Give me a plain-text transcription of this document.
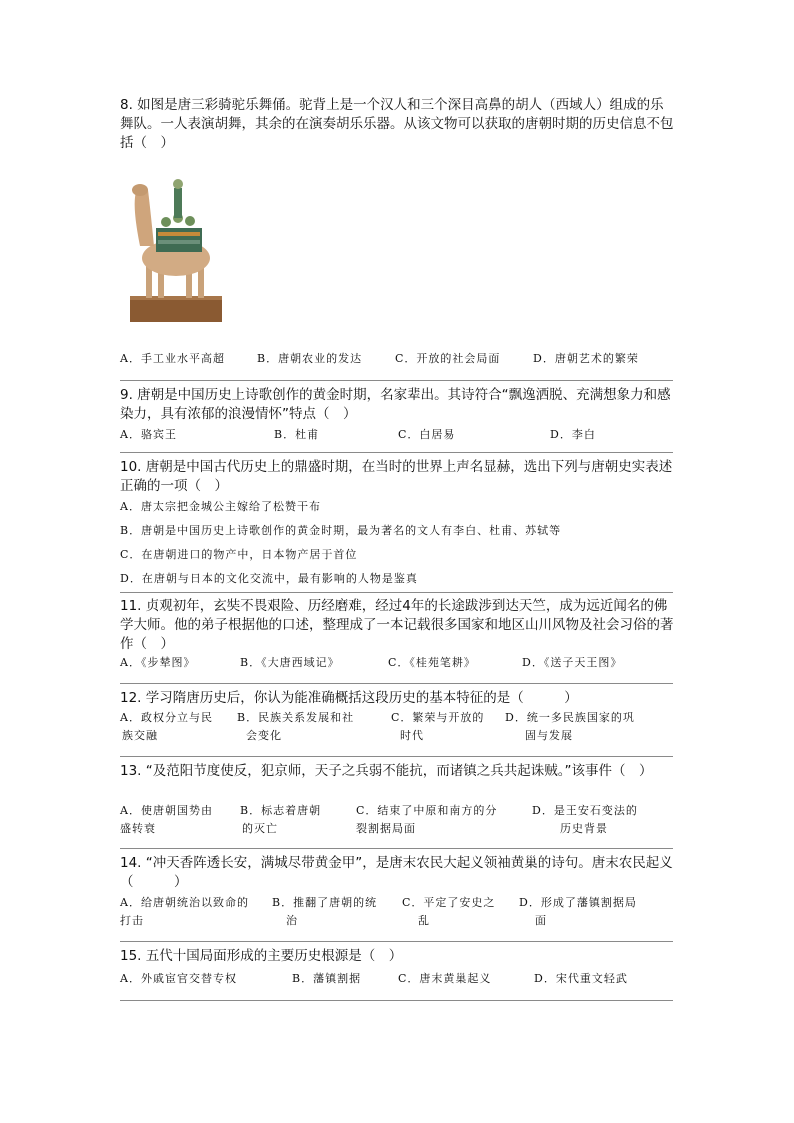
8. 如图是唐三彩骑驼乐舞俑。驼背上是一个汉人和三个深目高鼻的胡人（西域人）组成的乐舞队。一人表演胡舞，其余的在演奏胡乐乐器。从该文物可以获取的唐朝时期的历史信息不包括（　）

A．手工业水平高超	B．唐朝农业的发达	C．开放的社会局面	D．唐朝艺术的繁荣

9. 唐朝是中国历史上诗歌创作的黄金时期，名家辈出。其诗符合“飘逸洒脱、充满想象力和感染力，具有浓郁的浪漫情怀”特点（　）

A．骆宾王	B．杜甫	C．白居易	D．李白

10. 唐朝是中国古代历史上的鼎盛时期，在当时的世界上声名显赫，选出下列与唐朝史实表述正确的一项（　）

A．唐太宗把金城公主嫁给了松赞干布
B．唐朝是中国历史上诗歌创作的黄金时期，最为著名的文人有李白、杜甫、苏轼等
C．在唐朝进口的物产中，日本物产居于首位
D．在唐朝与日本的文化交流中，最有影响的人物是鉴真

11. 贞观初年，玄奘不畏艰险、历经磨难，经过4年的长途跋涉到达天竺，成为远近闻名的佛学大师。他的弟子根据他的口述，整理成了一本记载很多国家和地区山川风物及社会习俗的著作（　）

A．《步辇图》	B．《大唐西域记》	C．《桂苑笔耕》	D．《送子天王图》

12. 学习隋唐历史后，你认为能准确概括这段历史的基本特征的是（　　　）

A．政权分立与民
族交融
B．民族关系发展和社
会变化
C．繁荣与开放的
时代
D．统一多民族国家的巩
固与发展

13. “及范阳节度使反，犯京师，天子之兵弱不能抗，而诸镇之兵共起诛贼。”该事件（　）

A．使唐朝国势由
盛转衰
B．标志着唐朝
的灭亡
C．结束了中原和南方的分
裂割据局面
D．是王安石变法的
历史背景

14. “冲天香阵透长安，满城尽带黄金甲”，是唐末农民大起义领袖黄巢的诗句。唐末农民起义（　　　）

A．给唐朝统治以致命的
打击
B．推翻了唐朝的统
治
C．平定了安史之
乱
D．形成了藩镇割据局
面

15. 五代十国局面形成的主要历史根源是（　）

A．外戚宦官交替专权	B．藩镇割据	C．唐末黄巢起义	D．宋代重文轻武
